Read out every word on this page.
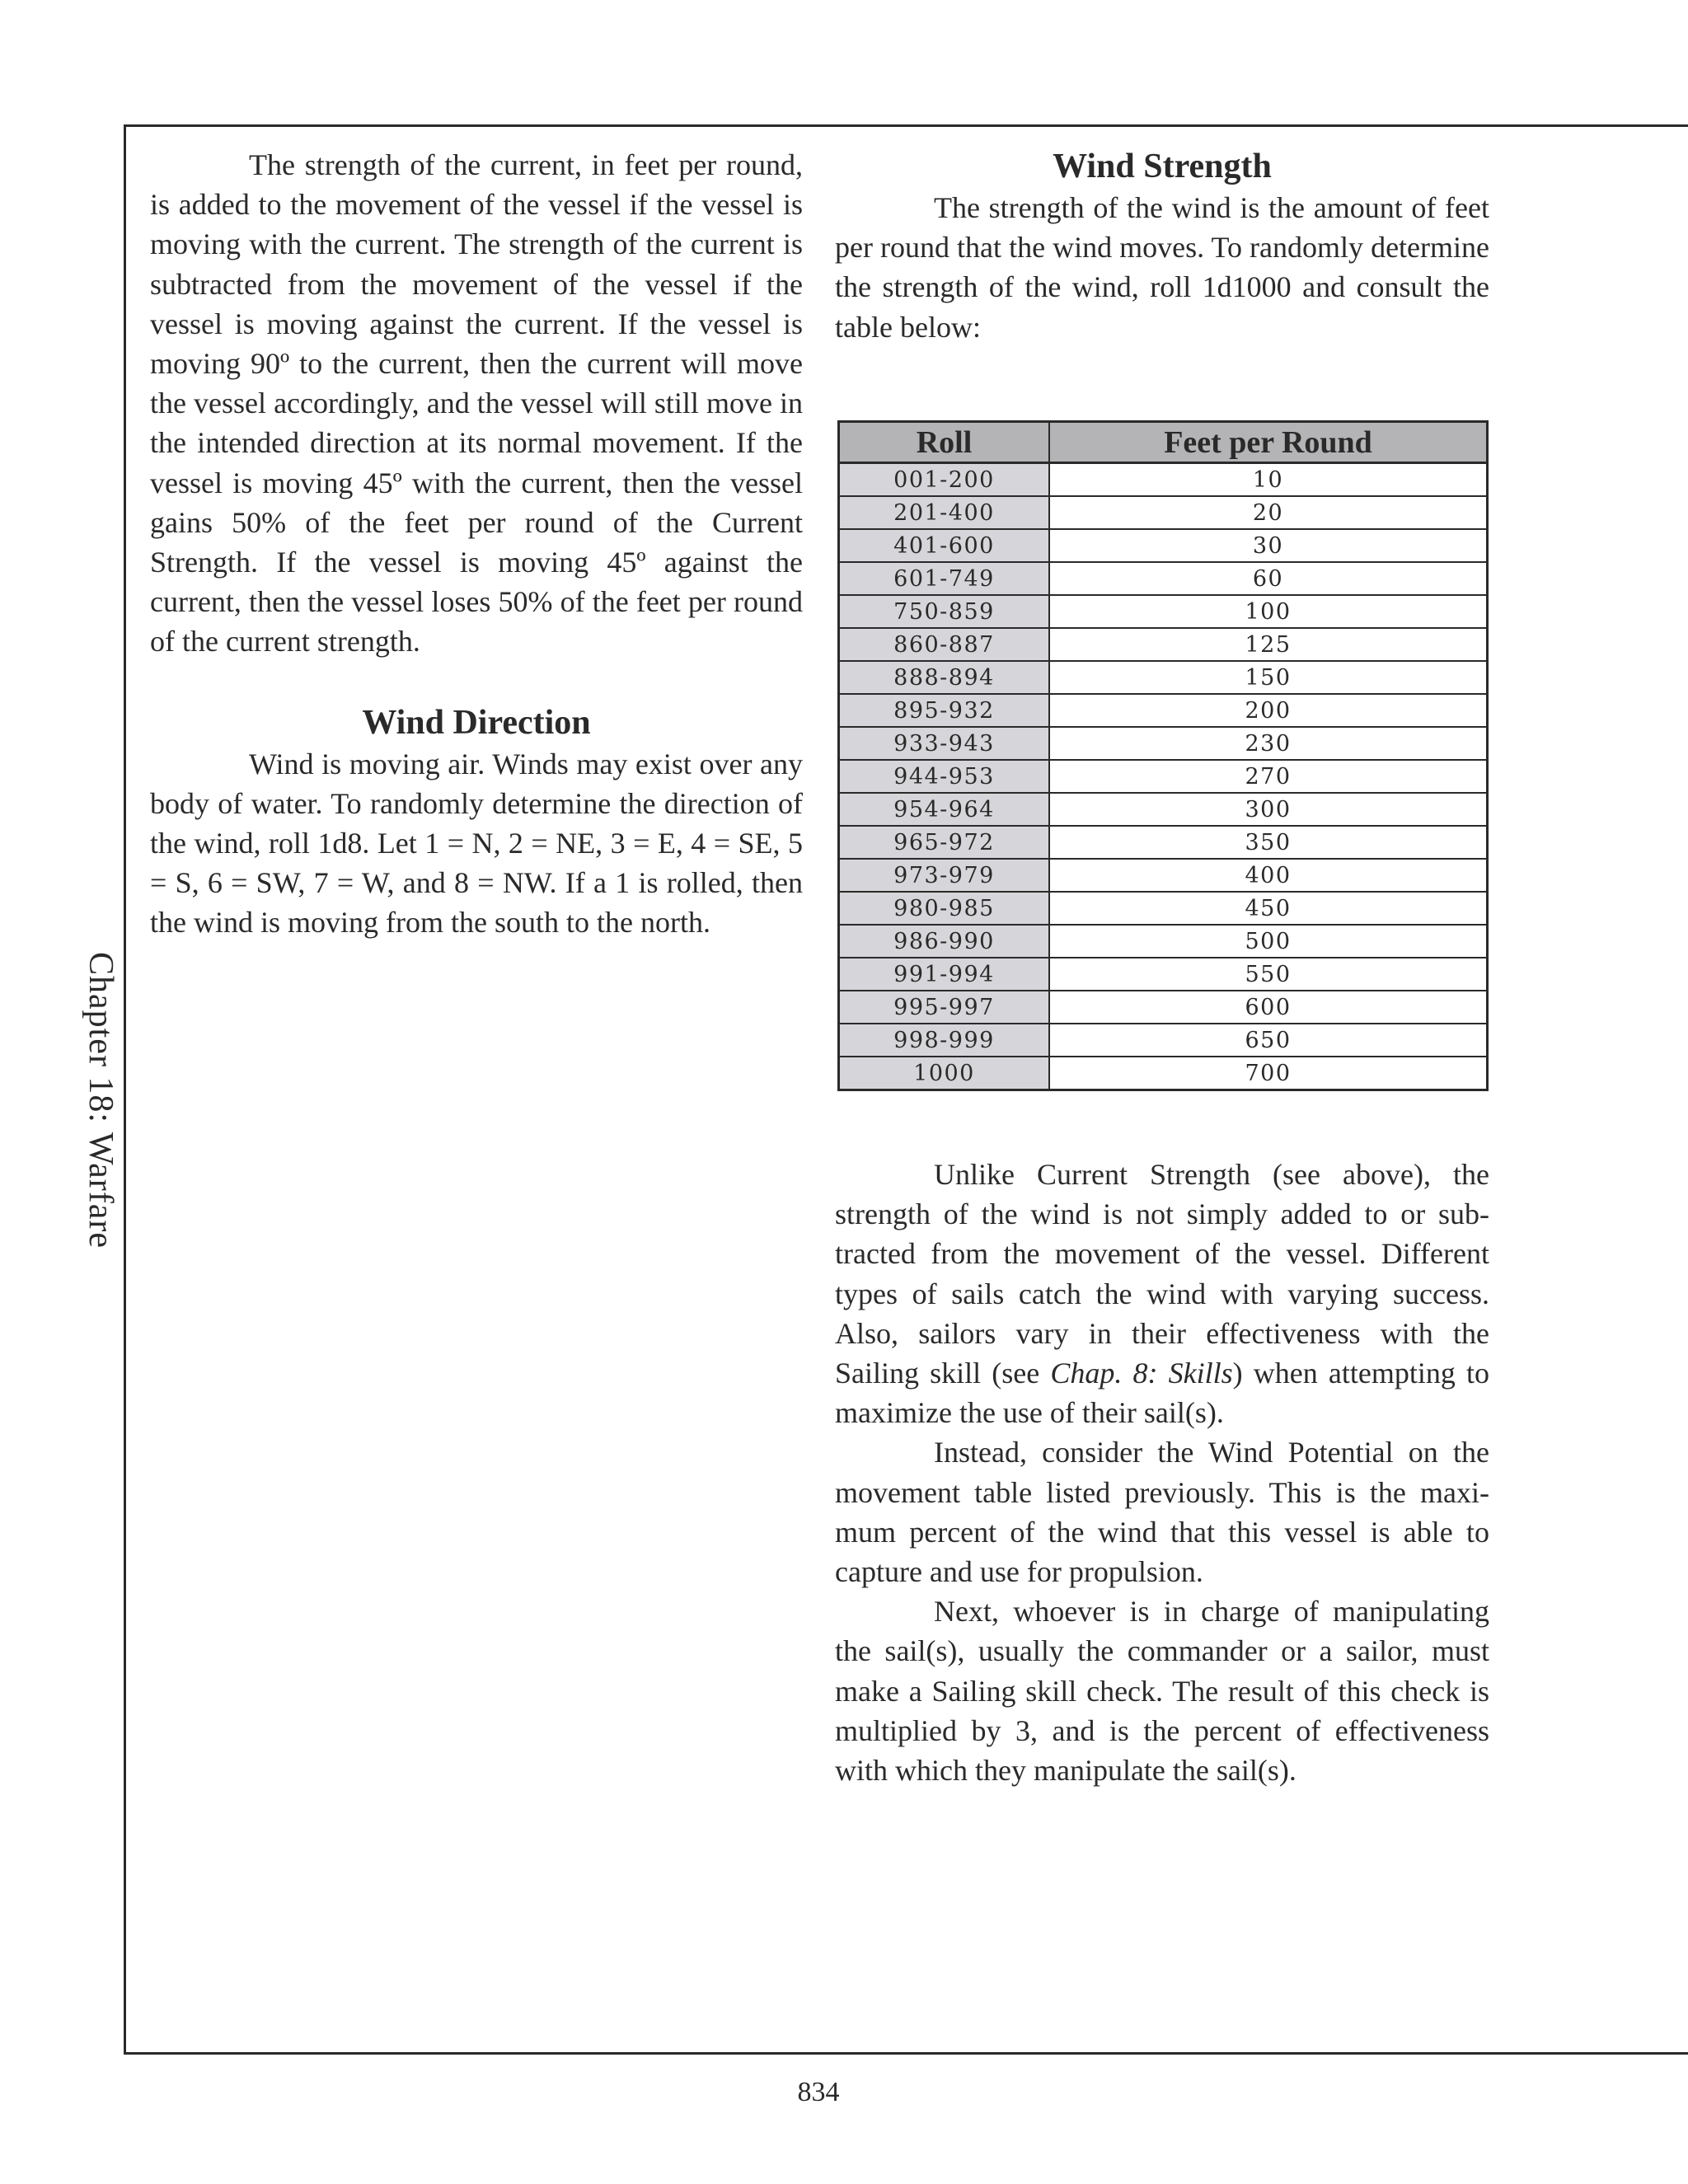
Chapter 18: Warfare

The strength of the current, in feet per round, is added to the movement of the vessel if the vessel is moving with the current. The strength of the current is subtracted from the movement of the vessel if the vessel is moving against the current. If the vessel is moving 90º to the current, then the current will move the vessel accordingly, and the vessel will still move in the intended direction at its normal movement. If the vessel is moving 45º with the current, then the vessel gains 50% of the feet per round of the Current Strength. If the vessel is moving 45º against the current, then the vessel loses 50% of the feet per round of the current strength.

Wind Direction

Wind is moving air. Winds may exist over any body of water. To randomly determine the direction of the wind, roll 1d8. Let 1 = N, 2 = NE, 3 = E, 4 = SE, 5 = S, 6 = SW, 7 = W, and 8 = NW. If a 1 is rolled, then the wind is moving from the south to the north.

Wind Strength

The strength of the wind is the amount of feet per round that the wind moves. To randomly determine the strength of the wind, roll 1d1000 and consult the table below:

Roll	Feet per Round
001-200	10
201-400	20
401-600	30
601-749	60
750-859	100
860-887	125
888-894	150
895-932	200
933-943	230
944-953	270
954-964	300
965-972	350
973-979	400
980-985	450
986-990	500
991-994	550
995-997	600
998-999	650
1000	700

Unlike Current Strength (see above), the strength of the wind is not simply added to or subtracted from the movement of the vessel. Different types of sails catch the wind with varying success. Also, sailors vary in their effectiveness with the Sailing skill (see Chap. 8: Skills) when attempting to maximize the use of their sail(s).

Instead, consider the Wind Potential on the movement table listed previously. This is the maximum percent of the wind that this vessel is able to capture and use for propulsion.

Next, whoever is in charge of manipulating the sail(s), usually the commander or a sailor, must make a Sailing skill check. The result of this check is multiplied by 3, and is the percent of effectiveness with which they manipulate the sail(s).

834
